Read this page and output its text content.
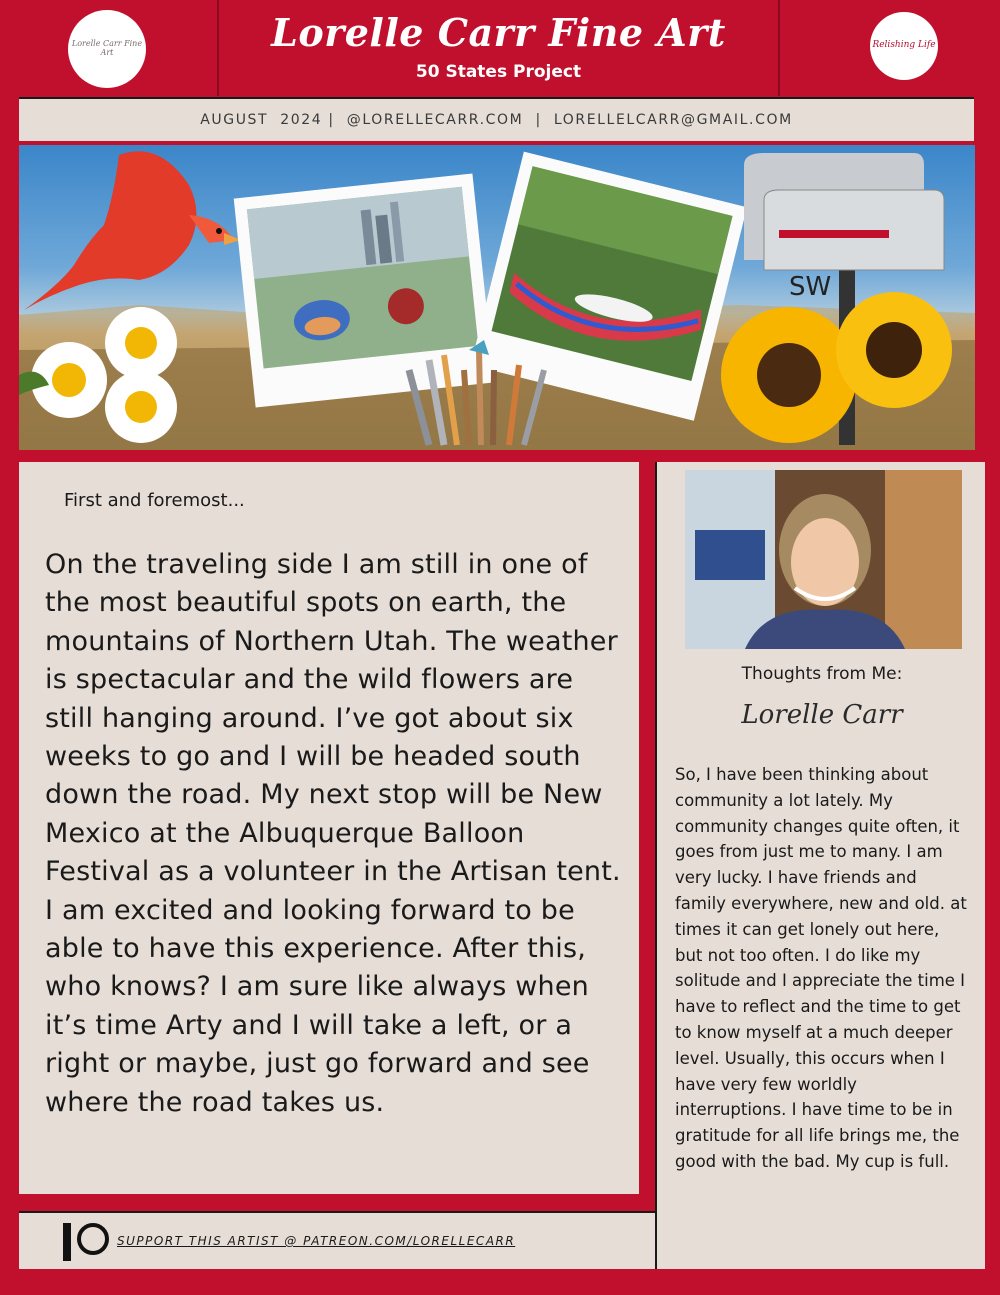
Lorelle Carr Fine Art	Lorelle Carr Fine Art
50 States Project
Relishing Life
AUGUST  2024 |  @LORELLECARR.COM  |  LORELLELCARR@GMAIL.COM
SW
First and foremost...
On the traveling side I am still in one of the most beautiful spots on earth, the mountains of Northern Utah. The weather is spectacular and the wild flowers are still hanging around. I’ve got about six weeks to go and I will be headed south down the road. My next stop will be New Mexico at the Albuquerque Balloon Festival as a volunteer in the Artisan tent. I am excited and looking forward to be able to have this experience. After this, who knows? I am sure like always when it’s time Arty and I will take a left, or a right or maybe, just go forward and see where the road takes us.
SUPPORT THIS ARTIST @ PATREON.COM/LORELLECARR
Thoughts from Me:
Lorelle Carr
So, I have been thinking about community a lot lately. My community changes quite often, it goes from just me to many. I am very lucky. I have friends and family everywhere, new and old. at times it can get lonely out here, but not too often. I do like my solitude and I appreciate the time I have to reflect and the time to get to know myself at a much deeper level. Usually, this occurs when I have very few worldly interruptions. I have time to be in gratitude for all life brings me, the good with the bad. My cup is full.
